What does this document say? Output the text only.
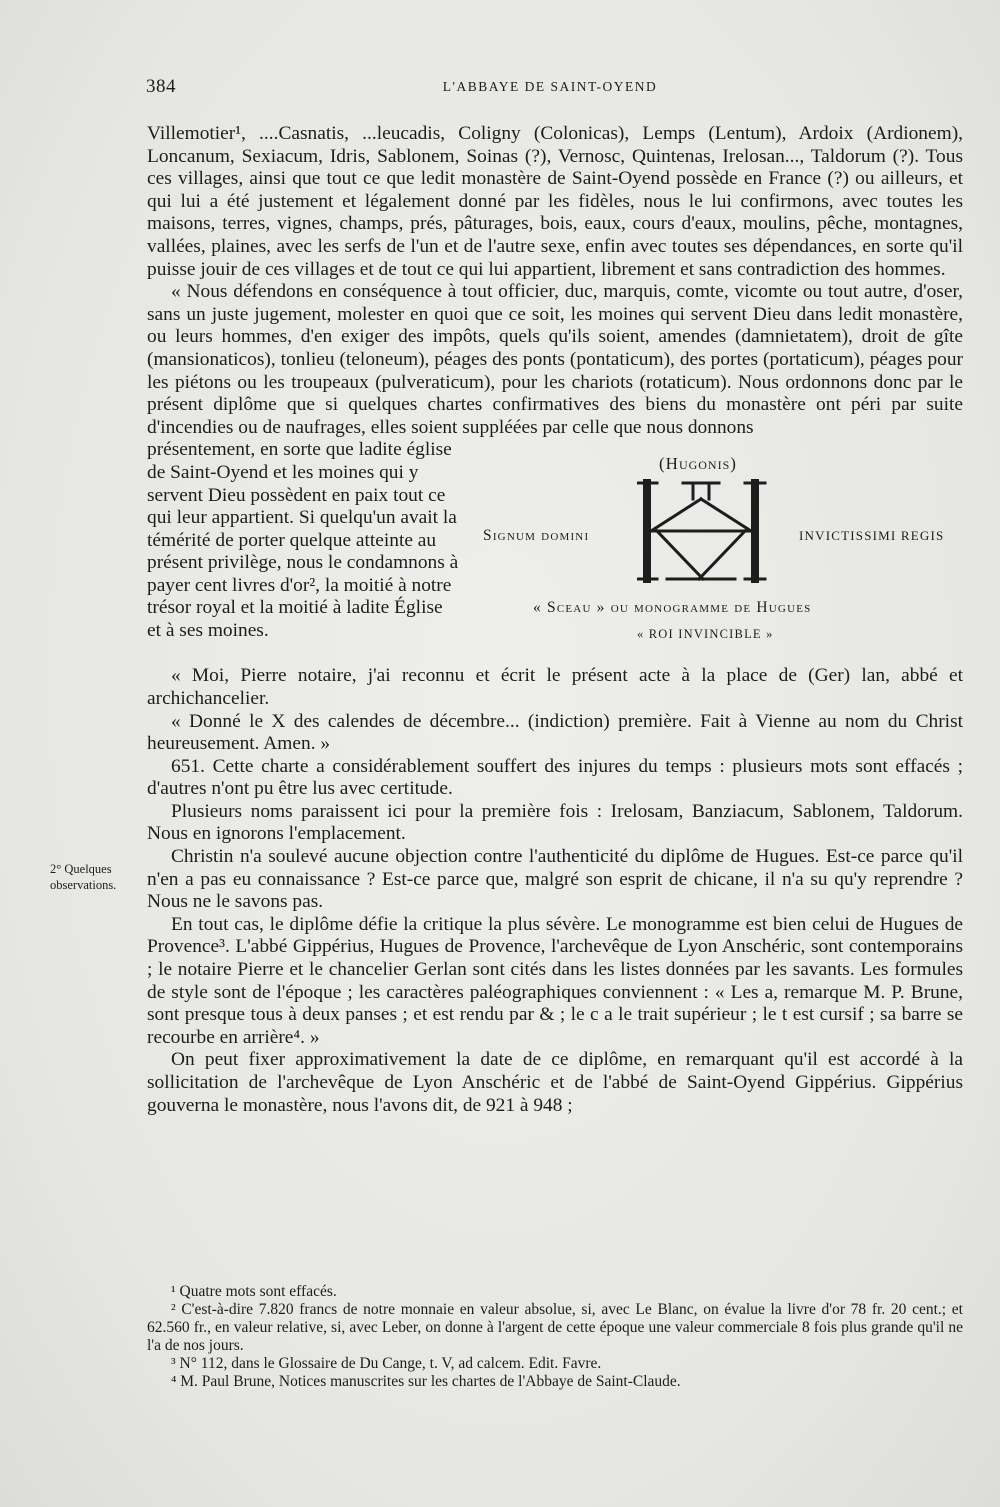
384	L'ABBAYE DE SAINT-OYEND

Villemotier¹, ....Casnatis, ...leucadis, Coligny (Colonicas), Lemps (Lentum), Ardoix (Ardionem), Loncanum, Sexiacum, Idris, Sablonem, Soinas (?), Vernosc, Quintenas, Irelosan..., Taldorum (?). Tous ces villages, ainsi que tout ce que ledit monastère de Saint-Oyend possède en France (?) ou ailleurs, et qui lui a été justement et légalement donné par les fidèles, nous le lui confirmons, avec toutes les maisons, terres, vignes, champs, prés, pâturages, bois, eaux, cours d'eaux, moulins, pêche, montagnes, vallées, plaines, avec les serfs de l'un et de l'autre sexe, enfin avec toutes ses dépendances, en sorte qu'il puisse jouir de ces villages et de tout ce qui lui appartient, librement et sans contradiction des hommes.

« Nous défendons en conséquence à tout officier, duc, marquis, comte, vicomte ou tout autre, d'oser, sans un juste jugement, molester en quoi que ce soit, les moines qui servent Dieu dans ledit monastère, ou leurs hommes, d'en exiger des impôts, quels qu'ils soient, amendes (damnietatem), droit de gîte (mansionaticos), tonlieu (teloneum), péages des ponts (pontaticum), des portes (portaticum), péages pour les piétons ou les troupeaux (pulveraticum), pour les chariots (rotaticum). Nous ordonnons donc par le présent diplôme que si quelques chartes confirmatives des biens du monastère ont péri par suite d'incendies ou de naufrages, elles soient suppléées par celle que nous donnons

présentement, en sorte que ladite église de Saint-Oyend et les moines qui y servent Dieu possèdent en paix tout ce qui leur appartient. Si quelqu'un avait la témérité de porter quelque atteinte au présent privilège, nous le condamnons à payer cent livres d'or², la moitié à notre trésor royal et la moitié à ladite Église et à ses moines.
(Hugonis)
Signum domini	INVICTISSIMI REGIS
« Sceau » ou monogramme de Hugues
« ROI INVINCIBLE »

« Moi, Pierre notaire, j'ai reconnu et écrit le présent acte à la place de (Ger) lan, abbé et archichancelier.

« Donné le X des calendes de décembre... (indiction) première. Fait à Vienne au nom du Christ heureusement. Amen. »

651. Cette charte a considérablement souffert des injures du temps : plusieurs mots sont effacés ; d'autres n'ont pu être lus avec certitude.

Plusieurs noms paraissent ici pour la première fois : Irelosam, Banziacum, Sablonem, Taldorum. Nous en ignorons l'emplacement.

Christin n'a soulevé aucune objection contre l'authenticité du diplôme de Hugues. Est-ce parce qu'il n'en a pas eu connaissance ? Est-ce parce que, malgré son esprit de chicane, il n'a su qu'y reprendre ? Nous ne le savons pas.

En tout cas, le diplôme défie la critique la plus sévère. Le monogramme est bien celui de Hugues de Provence³. L'abbé Gippérius, Hugues de Provence, l'archevêque de Lyon Anschéric, sont contemporains ; le notaire Pierre et le chancelier Gerlan sont cités dans les listes données par les savants. Les formules de style sont de l'époque ; les caractères paléographiques conviennent : « Les a, remarque M. P. Brune, sont presque tous à deux panses ; et est rendu par & ; le c a le trait supérieur ; le t est cursif ; sa barre se recourbe en arrière⁴. »

On peut fixer approximativement la date de ce diplôme, en remarquant qu'il est accordé à la sollicitation de l'archevêque de Lyon Anschéric et de l'abbé de Saint-Oyend Gippérius. Gippérius gouverna le monastère, nous l'avons dit, de 921 à 948 ;

2° Quelques observations.

¹ Quatre mots sont effacés.

² C'est-à-dire 7.820 francs de notre monnaie en valeur absolue, si, avec Le Blanc, on évalue la livre d'or 78 fr. 20 cent.; et 62.560 fr., en valeur relative, si, avec Leber, on donne à l'argent de cette époque une valeur commerciale 8 fois plus grande qu'il ne l'a de nos jours.

³ N° 112, dans le Glossaire de Du Cange, t. V, ad calcem. Edit. Favre.

⁴ M. Paul Brune, Notices manuscrites sur les chartes de l'Abbaye de Saint-Claude.
